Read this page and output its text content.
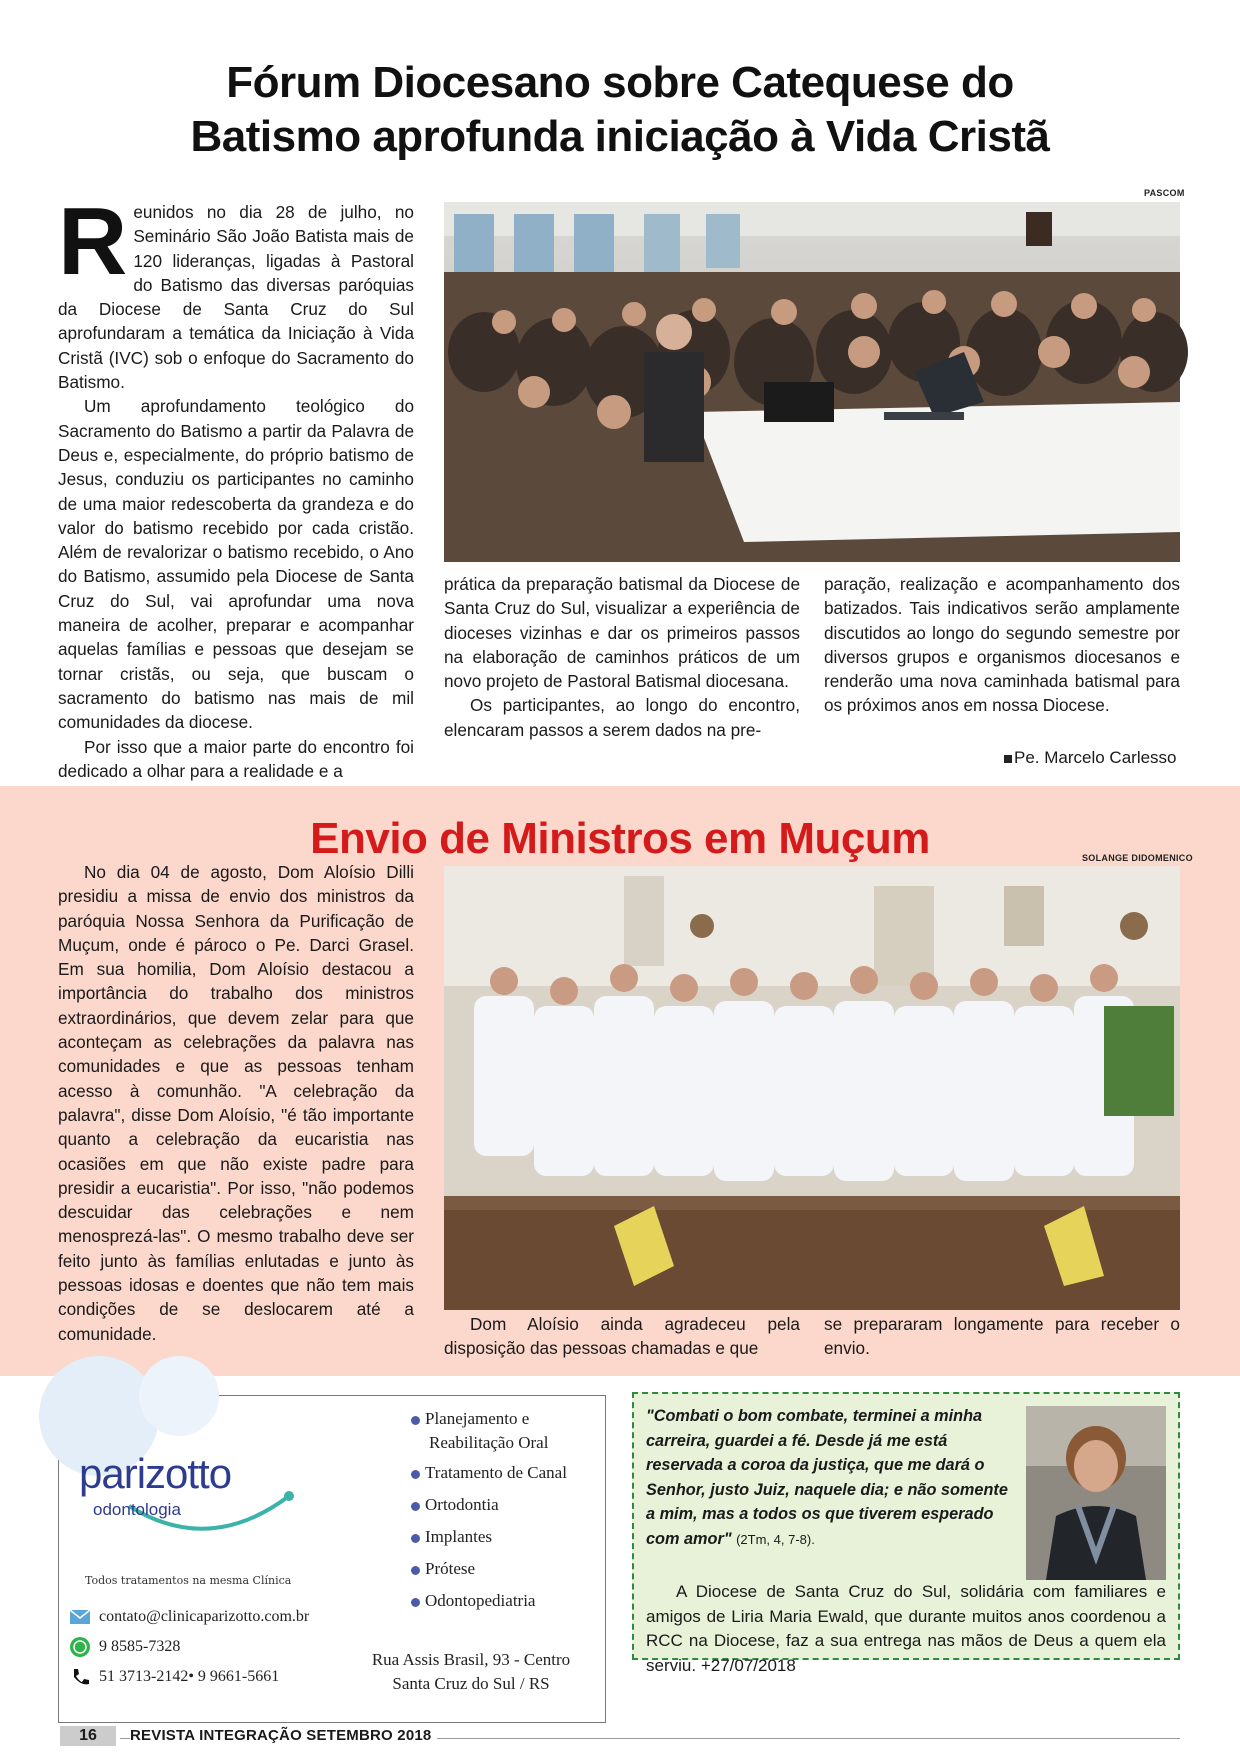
Fórum Diocesano sobre Catequese do
Batismo aprofunda iniciação à Vida Cristã
PASCOM

Reunidos no dia 28 de julho, no Seminário São João Batista mais de 120 lideranças, ligadas à Pastoral do Batismo das diversas paróquias da Diocese de Santa Cruz do Sul aprofundaram a temática da Iniciação à Vida Cristã (IVC) sob o enfoque do Sacramento do Batismo.

Um aprofundamento teológico do Sacramento do Batismo a partir da Palavra de Deus e, especialmente, do próprio batismo de Jesus, conduziu os participantes no caminho de uma maior redescoberta da grandeza e do valor do batismo recebido por cada cristão. Além de revalorizar o batismo recebido, o Ano do Batismo, assumido pela Diocese de Santa Cruz do Sul, vai aprofundar uma nova maneira de acolher, preparar e acompanhar aquelas famílias e pessoas que desejam se tornar cristãs, ou seja, que buscam o sacramento do batismo nas mais de mil comunidades da diocese.

Por isso que a maior parte do encontro foi dedicado a olhar para a realidade e a

prática da preparação batismal da Diocese de Santa Cruz do Sul, visualizar a experiência de dioceses vizinhas e dar os primeiros passos na elaboração de caminhos práticos de um novo projeto de Pastoral Batismal diocesana.

Os participantes, ao longo do encontro, elencaram passos a serem dados na pre-

paração, realização e acompanhamento dos batizados. Tais indicativos serão amplamente discutidos ao longo do segundo semestre por diversos grupos e organismos diocesanos e renderão uma nova caminhada batismal para os próximos anos em nossa Diocese.

Pe. Marcelo Carlesso
Envio de Ministros em Muçum	SOLANGE DIDOMENICO

No dia 04 de agosto, Dom Aloísio Dilli presidiu a missa de envio dos ministros da paróquia Nossa Senhora da Purificação de Muçum, onde é pároco o Pe. Darci Grasel. Em sua homilia, Dom Aloísio destacou a importância do trabalho dos ministros extraordinários, que devem zelar para que aconteçam as celebrações da palavra nas comunidades e que as pessoas tenham acesso à comunhão. "A celebração da palavra", disse Dom Aloísio, "é tão importante quanto a celebração da eucaristia nas ocasiões em que não existe padre para presidir a eucaristia". Por isso, "não podemos descuidar das celebrações e nem menosprezá-las". O mesmo trabalho deve ser feito junto às famílias enlutadas e junto às pessoas idosas e doentes que não tem mais condições de se deslocarem até a comunidade.	Dom Aloísio ainda agradeceu pela disposição das pessoas chamadas e que

se prepararam longamente para receber o envio.

parizotto
odontologia
Todos tratamentos na mesma Clínica
contato@clinicaparizotto.com.br
9 8585-7328
51 3713-2142• 9 9661-5661
Planejamento e
Reabilitação Oral
Tratamento de Canal
Ortodontia
Implantes
Prótese
Odontopediatria
Rua Assis Brasil, 93 - Centro
Santa Cruz do Sul / RS
"Combati o bom combate, terminei a minha carreira, guardei a fé. Desde já me está reservada a coroa da justiça, que me dará o Senhor, justo Juiz, naquele dia; e não somente a mim, mas a todos os que tiverem esperado com amor" (2Tm, 4, 7-8).

A Diocese de Santa Cruz do Sul, solidária com familiares e amigos de Liria Maria Ewald, que durante muitos anos coordenou a RCC na Diocese, faz a sua entrega nas mãos de Deus a quem ela serviu. +27/07/2018

16	REVISTA INTEGRAÇÃO SETEMBRO 2018
